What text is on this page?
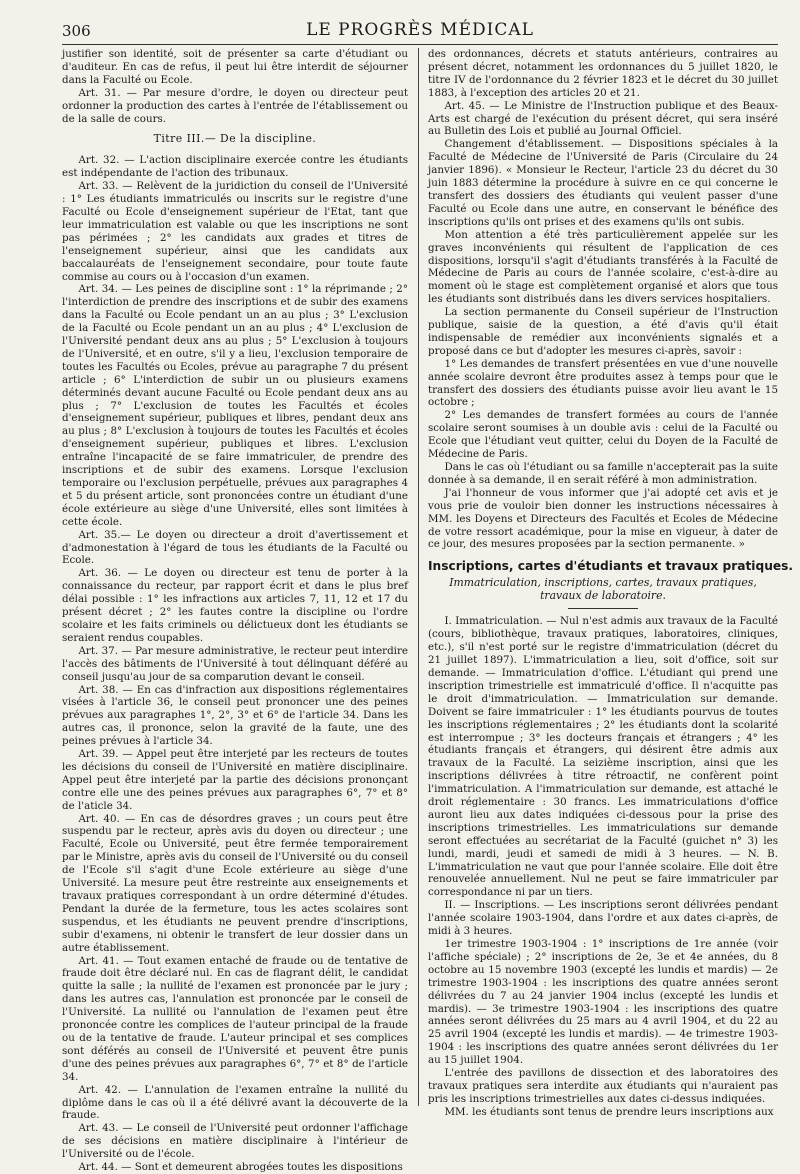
306	LE PROGRÈS MÉDICAL

justifier son identité, soit de présenter sa carte d'étudiant ou d'auditeur. En cas de refus, il peut lui être interdit de séjourner dans la Faculté ou Ecole.

Art. 31. — Par mesure d'ordre, le doyen ou directeur peut ordonner la production des cartes à l'entrée de l'établissement ou de la salle de cours.

Titre III.— De la discipline.

Art. 32. — L'action disciplinaire exercée contre les étudiants est indépendante de l'action des tribunaux.

Art. 33. — Relèvent de la juridiction du conseil de l'Université : 1° Les étudiants immatriculés ou inscrits sur le registre d'une Faculté ou Ecole d'enseignement supérieur de l'Etat, tant que leur immatriculation est valable ou que les inscriptions ne sont pas périmées ; 2° les candidats aux grades et titres de l'enseignement supérieur, ainsi que les candidats aux baccalauréats de l'enseignement secondaire, pour toute faute commise au cours ou à l'occasion d'un examen.

Art. 34. — Les peines de discipline sont : 1° la réprimande ; 2° l'interdiction de prendre des inscriptions et de subir des examens dans la Faculté ou Ecole pendant un an au plus ; 3° L'exclusion de la Faculté ou Ecole pendant un an au plus ; 4° L'exclusion de l'Université pendant deux ans au plus ; 5° L'exclusion à toujours de l'Université, et en outre, s'il y a lieu, l'exclusion temporaire de toutes les Facultés ou Ecoles, prévue au paragraphe 7 du présent article ; 6° L'interdiction de subir un ou plusieurs examens déterminés devant aucune Faculté ou Ecole pendant deux ans au plus ; 7° L'exclusion de toutes les Facultés et écoles d'enseignement supérieur, publiques et libres, pendant deux ans au plus ; 8° L'exclusion à toujours de toutes les Facultés et écoles d'enseignement supérieur, publiques et libres. L'exclusion entraîne l'incapacité de se faire immatriculer, de prendre des inscriptions et de subir des examens. Lorsque l'exclusion temporaire ou l'exclusion perpétuelle, prévues aux paragraphes 4 et 5 du présent article, sont prononcées contre un étudiant d'une école extérieure au siège d'une Université, elles sont limitées à cette école.

Art. 35.— Le doyen ou directeur a droit d'avertissement et d'admonestation à l'égard de tous les étudiants de la Faculté ou Ecole.

Art. 36. — Le doyen ou directeur est tenu de porter à la connaissance du recteur, par rapport écrit et dans le plus bref délai possible : 1° les infractions aux articles 7, 11, 12 et 17 du présent décret ; 2° les fautes contre la discipline ou l'ordre scolaire et les faits criminels ou délictueux dont les étudiants se seraient rendus coupables.

Art. 37. — Par mesure administrative, le recteur peut interdire l'accès des bâtiments de l'Université à tout délinquant déféré au conseil jusqu'au jour de sa comparution devant le conseil.

Art. 38. — En cas d'infraction aux dispositions réglementaires visées à l'article 36, le conseil peut prononcer une des peines prévues aux paragraphes 1°, 2°, 3° et 6° de l'article 34. Dans les autres cas, il prononce, selon la gravité de la faute, une des peines prévues à l'article 34.

Art. 39. — Appel peut être interjeté par les recteurs de toutes les décisions du conseil de l'Université en matière disciplinaire. Appel peut être interjeté par la partie des décisions prononçant contre elle une des peines prévues aux paragraphes 6°, 7° et 8° de l'aticle 34.

Art. 40. — En cas de désordres graves ; un cours peut être suspendu par le recteur, après avis du doyen ou directeur ; une Faculté, Ecole ou Université, peut être fermée temporairement par le Ministre, après avis du conseil de l'Université ou du conseil de l'Ecole s'il s'agit d'une Ecole extérieure au siège d'une Université. La mesure peut être restreinte aux enseignements et travaux pratiques correspondant à un ordre déterminé d'études. Pendant la durée de la fermeture, tous les actes scolaires sont suspendus, et les étudiants ne peuvent prendre d'inscriptions, subir d'examens, ni obtenir le transfert de leur dossier dans un autre établissement.

Art. 41. — Tout examen entaché de fraude ou de tentative de fraude doit être déclaré nul. En cas de flagrant délit, le candidat quitte la salle ; la nullité de l'examen est prononcée par le jury ; dans les autres cas, l'annulation est prononcée par le conseil de l'Université. La nullité ou l'annulation de l'examen peut être prononcée contre les complices de l'auteur principal de la fraude ou de la tentative de fraude. L'auteur principal et ses complices sont déférés au conseil de l'Université et peuvent être punis d'une des peines prévues aux paragraphes 6°, 7° et 8° de l'article 34.

Art. 42. — L'annulation de l'examen entraîne la nullité du diplôme dans le cas où il a été délivré avant la découverte de la fraude.

Art. 43. — Le conseil de l'Université peut ordonner l'affichage de ses décisions en matière disciplinaire à l'intérieur de l'Université ou de l'école.

Art. 44. — Sont et demeurent abrogées toutes les dispositions

des ordonnances, décrets et statuts antérieurs, contraires au présent décret, notamment les ordonnances du 5 juillet 1820, le titre IV de l'ordonnance du 2 février 1823 et le décret du 30 juillet 1883, à l'exception des articles 20 et 21.

Art. 45. — Le Ministre de l'Instruction publique et des Beaux-Arts est chargé de l'exécution du présent décret, qui sera inséré au Bulletin des Lois et publié au Journal Officiel.

Changement d'établissement. — Dispositions spéciales à la Faculté de Médecine de l'Université de Paris (Circulaire du 24 janvier 1896). « Monsieur le Recteur, l'article 23 du décret du 30 juin 1883 détermine la procédure à suivre en ce qui concerne le transfert des dossiers des étudiants qui veulent passer d'une Faculté ou Ecole dans une autre, en conservant le bénéfice des inscriptions qu'ils ont prises et des examens qu'ils ont subis.

Mon attention a été très particulièrement appelée sur les graves inconvénients qui résultent de l'application de ces dispositions, lorsqu'il s'agit d'étudiants transférés à la Faculté de Médecine de Paris au cours de l'année scolaire, c'est-à-dire au moment où le stage est complètement organisé et alors que tous les étudiants sont distribués dans les divers services hospitaliers.

La section permanente du Conseil supérieur de l'Instruction publique, saisie de la question, a été d'avis qu'il était indispensable de remédier aux inconvénients signalés et a proposé dans ce but d'adopter les mesures ci-après, savoir :

1° Les demandes de transfert présentées en vue d'une nouvelle année scolaire devront être produites assez à temps pour que le transfert des dossiers des étudiants puisse avoir lieu avant le 15 octobre ;

2° Les demandes de transfert formées au cours de l'année scolaire seront soumises à un double avis : celui de la Faculté ou Ecole que l'étudiant veut quitter, celui du Doyen de la Faculté de Médecine de Paris.

Dans le cas où l'étudiant ou sa famille n'accepterait pas la suite donnée à sa demande, il en serait référé à mon administration.

J'ai l'honneur de vous informer que j'ai adopté cet avis et je vous prie de vouloir bien donner les instructions nécessaires à MM. les Doyens et Directeurs des Facultés et Ecoles de Médecine de votre ressort académique, pour la mise en vigueur, à dater de ce jour, des mesures proposées par la section permanente. »

Inscriptions, cartes d'étudiants et travaux pratiques.
Immatriculation, inscriptions, cartes, travaux pratiques, travaux de laboratoire.

I. Immatriculation. — Nul n'est admis aux travaux de la Faculté (cours, bibliothèque, travaux pratiques, laboratoires, cliniques, etc.), s'il n'est porté sur le registre d'immatriculation (décret du 21 juillet 1897). L'immatriculation a lieu, soit d'office, soit sur demande. — Immatriculation d'office. L'étudiant qui prend une inscription trimestrielle est immatriculé d'office. Il n'acquitte pas le droit d'immatriculation. — Immatriculation sur demande. Doivent se faire immatriculer : 1° les étudiants pourvus de toutes les inscriptions réglementaires ; 2° les étudiants dont la scolarité est interrompue ; 3° les docteurs français et étrangers ; 4° les étudiants français et étrangers, qui désirent être admis aux travaux de la Faculté. La seizième inscription, ainsi que les inscriptions délivrées à titre rétroactif, ne confèrent point l'immatriculation. A l'immatriculation sur demande, est attaché le droit réglementaire : 30 francs. Les immatriculations d'office auront lieu aux dates indiquées ci-dessous pour la prise des inscriptions trimestrielles. Les immatriculations sur demande seront effectuées au secrétariat de la Faculté (guichet n° 3) les lundi, mardi, jeudi et samedi de midi à 3 heures. — N. B. L'immatriculation ne vaut que pour l'année scolaire. Elle doit être renouvelée annuellement. Nul ne peut se faire immatriculer par correspondance ni par un tiers.

II. — Inscriptions. — Les inscriptions seront délivrées pendant l'année scolaire 1903-1904, dans l'ordre et aux dates ci-après, de midi à 3 heures.

1er trimestre 1903-1904 : 1° inscriptions de 1re année (voir l'affiche spéciale) ; 2° inscriptions de 2e, 3e et 4e années, du 8 octobre au 15 novembre 1903 (excepté les lundis et mardis) — 2e trimestre 1903-1904 : les inscriptions des quatre années seront délivrées du 7 au 24 janvier 1904 inclus (excepté les lundis et mardis). — 3e trimestre 1903-1904 : les inscriptions des quatre années seront délivrées du 25 mars au 4 avril 1904, et du 22 au 25 avril 1904 (excepté les lundis et mardis). — 4e trimestre 1903-1904 : les inscriptions des quatre années seront délivrées du 1er au 15 juillet 1904.

L'entrée des pavillons de dissection et des laboratoires des travaux pratiques sera interdite aux étudiants qui n'auraient pas pris les inscriptions trimestrielles aux dates ci-dessus indiquées.

MM. les étudiants sont tenus de prendre leurs inscriptions aux
